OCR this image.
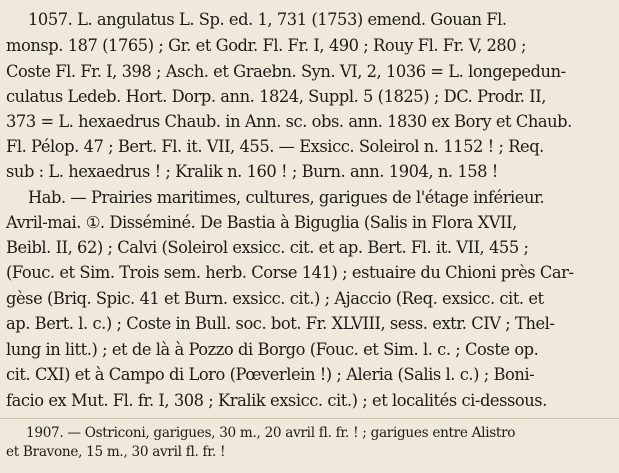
1057. L. angulatus L. Sp. ed. 1, 731 (1753) emend. Gouan Fl.
monsp. 187 (1765) ; Gr. et Godr. Fl. Fr. I, 490 ; Rouy Fl. Fr. V, 280 ;
Coste Fl. Fr. I, 398 ; Asch. et Graebn. Syn. VI, 2, 1036 = L. longepedun-
culatus Ledeb. Hort. Dorp. ann. 1824, Suppl. 5 (1825) ; DC. Prodr. II,
373 = L. hexaedrus Chaub. in Ann. sc. obs. ann. 1830 ex Bory et Chaub.
Fl. Pélop. 47 ; Bert. Fl. it. VII, 455. — Exsicc. Soleirol n. 1152 ! ; Req.
sub : L. hexaedrus ! ; Kralik n. 160 ! ; Burn. ann. 1904, n. 158 !
Hab. — Prairies maritimes, cultures, garigues de l'étage inférieur.
Avril-mai. ①. Disséminé. De Bastia à Biguglia (Salis in Flora XVII,
Beibl. II, 62) ; Calvi (Soleirol exsicc. cit. et ap. Bert. Fl. it. VII, 455 ;
(Fouc. et Sim. Trois sem. herb. Corse 141) ; estuaire du Chioni près Car-
gèse (Briq. Spic. 41 et Burn. exsicc. cit.) ; Ajaccio (Req. exsicc. cit. et
ap. Bert. l. c.) ; Coste in Bull. soc. bot. Fr. XLVIII, sess. extr. CIV ; Thel-
lung in litt.) ; et de là à Pozzo di Borgo (Fouc. et Sim. l. c. ; Coste op.
cit. CXI) et à Campo di Loro (Pœverlein !) ; Aleria (Salis l. c.) ; Boni-
facio ex Mut. Fl. fr. I, 308 ; Kralik exsicc. cit.) ; et localités ci-dessous.
1907. — Ostriconi, garigues, 30 m., 20 avril fl. fr. ! ; garigues entre Alistro
et Bravone, 15 m., 30 avril fl. fr. !
